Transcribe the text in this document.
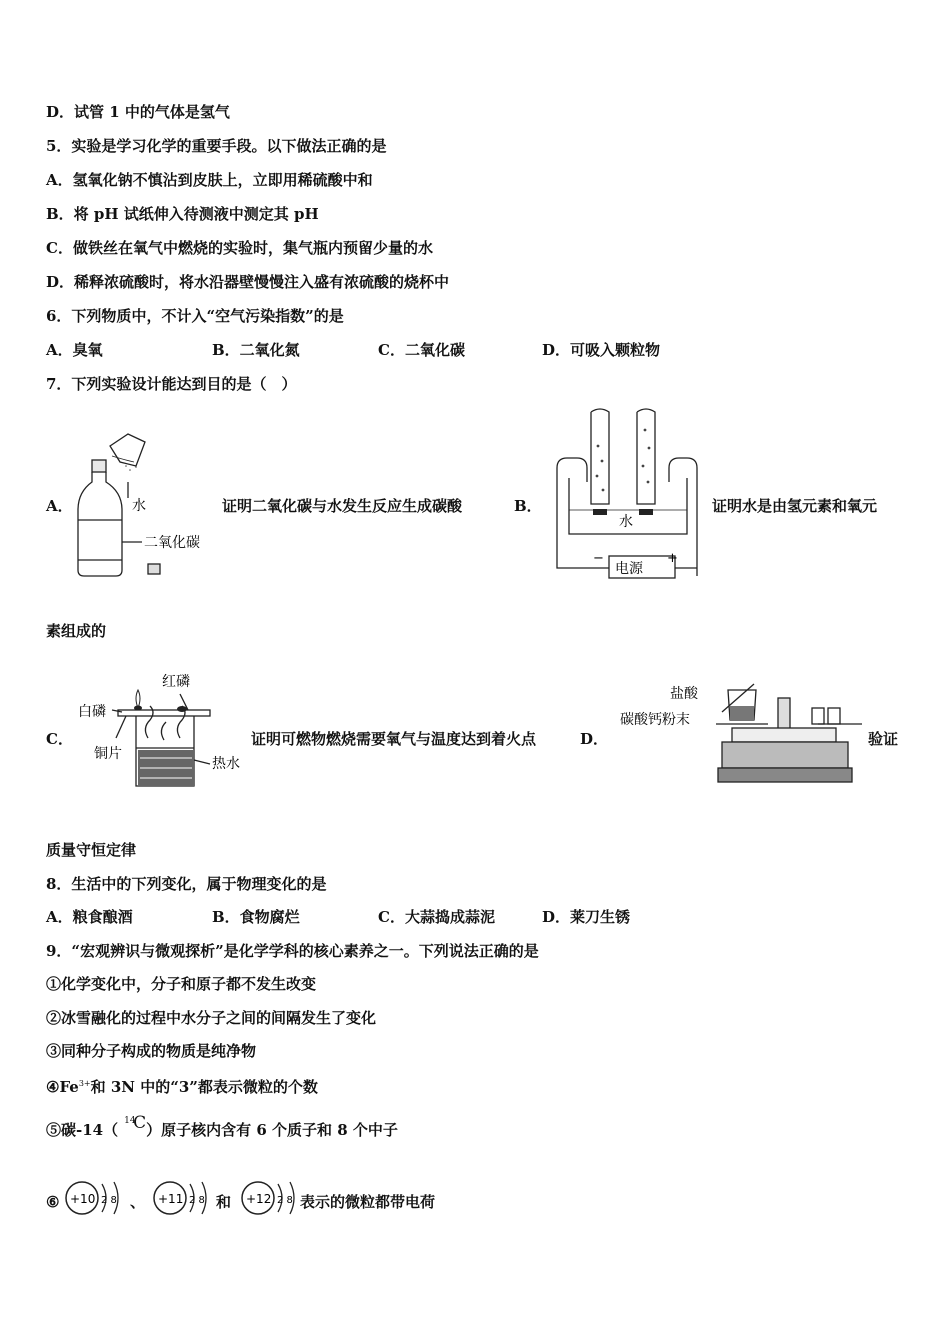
D．试管 1 中的气体是氢气
5．实验是学习化学的重要手段。以下做法正确的是
A．氢氧化钠不慎沾到皮肤上，立即用稀硫酸中和
B．将 pH 试纸伸入待测液中测定其 pH
C．做铁丝在氧气中燃烧的实验时，集气瓶内预留少量的水
D．稀释浓硫酸时，将水沿器壁慢慢注入盛有浓硫酸的烧杯中
6．下列物质中，不计入“空气污染指数”的是
A．臭氧	B．二氧化氮	C．二氧化碳	D．可吸入颗粒物
7．下列实验设计能达到目的是（　）
A．	水
二氧化碳
证明二氧化碳与水发生反应生成碳酸	B．
水
电源
−	+
证明水是由氢元素和氧元
素组成的
C．
红磷
白磷
铜片
热水
证明可燃物燃烧需要氧气与温度达到着火点	D．
盐酸
碳酸钙粉末
验证
质量守恒定律
8．生活中的下列变化，属于物理变化的是
A．粮食酿酒	B．食物腐烂	C．大蒜捣成蒜泥	D．莱刀生锈
9．“宏观辨识与微观探析”是化学学科的核心素养之一。下列说法正确的是
①化学变化中，分子和原子都不发生改变
②冰雪融化的过程中水分子之间的间隔发生了变化
③同种分子构成的物质是纯净物
$④Fe^{3+}$和 3N 中的“3”都表示微粒的个数
⑤碳-14（ 14
C ）原子核内含有 6 个质子和 8 个中子
⑥ +10 2 8 、 +11 2 8 和 +12 2 8 表示的微粒都带电荷
